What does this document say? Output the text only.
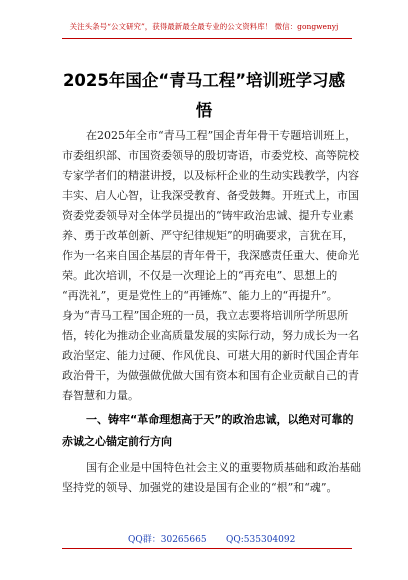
关注头条号“公文研究”，获得最新最全最专业的公文资料库！ 微信：gongwenyj
2025年国企“青马工程”培训班学习感
悟
在2025年全市“青马工程”国企青年骨干专题培训班上，
市委组织部、市国资委领导的殷切寄语，市委党校、高等院校
专家学者们的精湛讲授，以及标杆企业的生动实践教学，内容
丰实、启人心智，让我深受教育、备受鼓舞。开班式上，市国
资委党委领导对全体学员提出的“铸牢政治忠诚、提升专业素
养、勇于改革创新、严守纪律规矩”的明确要求，言犹在耳，
作为一名来自国企基层的青年骨干，我深感责任重大、使命光
荣。此次培训，不仅是一次理论上的“再充电”、思想上的
“再洗礼”，更是党性上的“再锤炼”、能力上的“再提升”。
身为“青马工程”国企班的一员，我立志要将培训所学所思所
悟，转化为推动企业高质量发展的实际行动，努力成长为一名
政治坚定、能力过硬、作风优良、可堪大用的新时代国企青年
政治骨干，为做强做优做大国有资本和国有企业贡献自己的青
春智慧和力量。
一、铸牢“革命理想高于天”的政治忠诚，以绝对可靠的
赤诚之心锚定前行方向
国有企业是中国特色社会主义的重要物质基础和政治基础
坚持党的领导、加强党的建设是国有企业的“根”和“魂”。
QQ群：30265665 QQ:535304092
